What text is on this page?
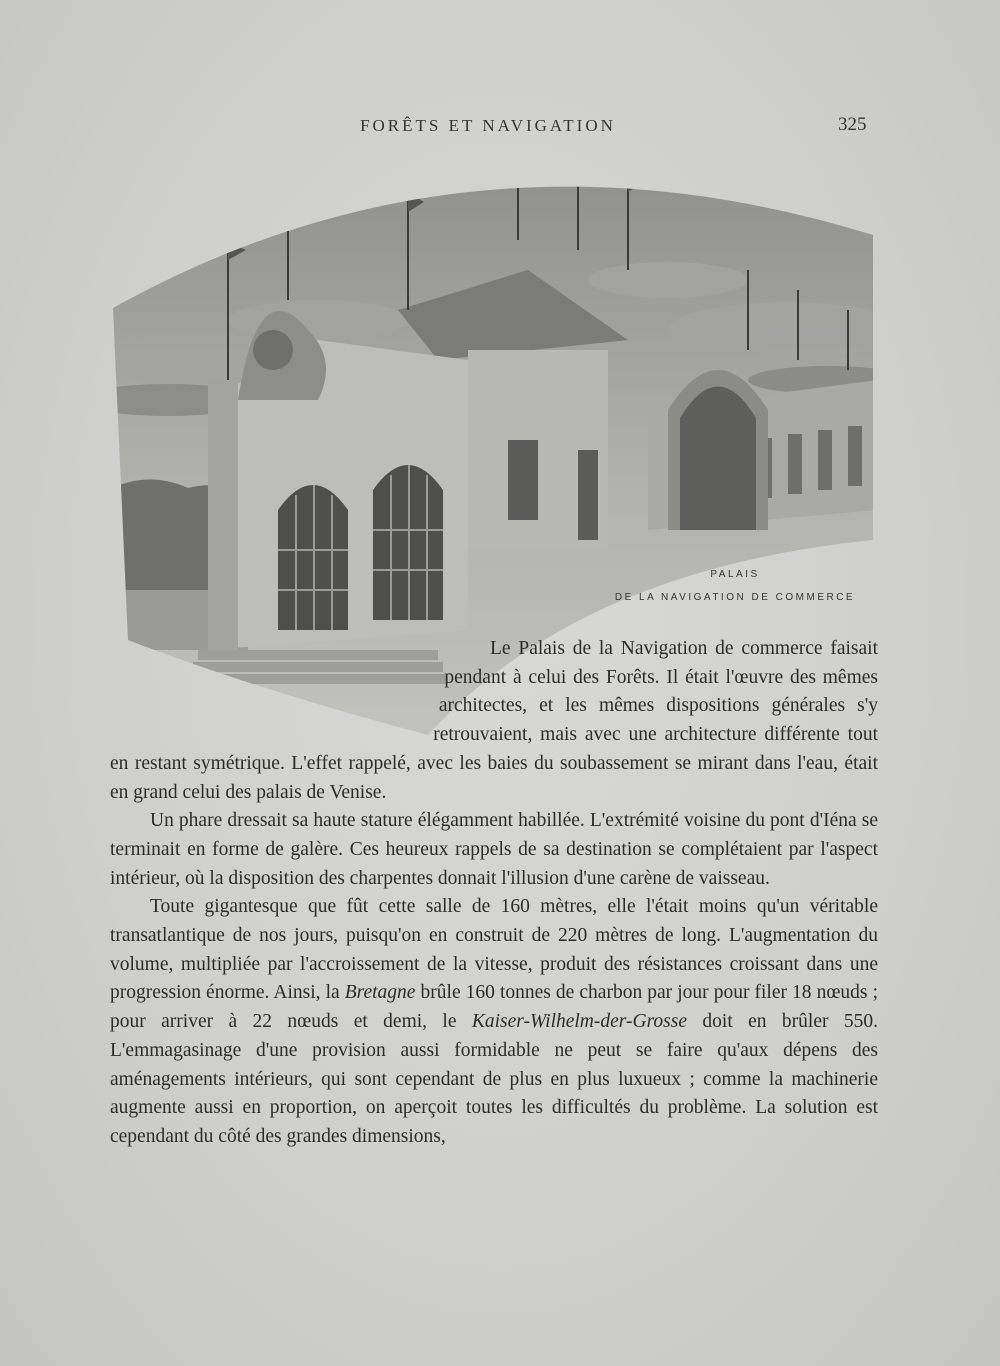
FORÊTS ET NAVIGATION	325
PALAIS
DE LA NAVIGATION DE COMMERCE

Le Palais de la Navigation de commerce faisait pendant à celui des Forêts. Il était l'œuvre des mêmes architectes, et les mêmes dispositions générales s'y retrouvaient, mais avec une architecture différente tout en restant symétrique. L'effet rappelé, avec les baies du soubassement se mirant dans l'eau, était en grand celui des palais de Venise.

Un phare dressait sa haute stature élégamment habillée. L'extrémité voisine du pont d'Iéna se terminait en forme de galère. Ces heureux rappels de sa destination se complétaient par l'aspect intérieur, où la disposition des charpentes donnait l'illusion d'une carène de vaisseau.

Toute gigantesque que fût cette salle de 160 mètres, elle l'était moins qu'un véritable transatlantique de nos jours, puisqu'on en construit de 220 mètres de long. L'augmentation du volume, multipliée par l'accroissement de la vitesse, produit des résistances croissant dans une progression énorme. Ainsi, la Bretagne brûle 160 tonnes de charbon par jour pour filer 18 nœuds ; pour arriver à 22 nœuds et demi, le Kaiser-Wilhelm-der-Grosse doit en brûler 550. L'emmagasinage d'une provision aussi formidable ne peut se faire qu'aux dépens des aménagements intérieurs, qui sont cependant de plus en plus luxueux ; comme la machinerie augmente aussi en proportion, on aperçoit toutes les difficultés du problème. La solution est cependant du côté des grandes dimensions,
